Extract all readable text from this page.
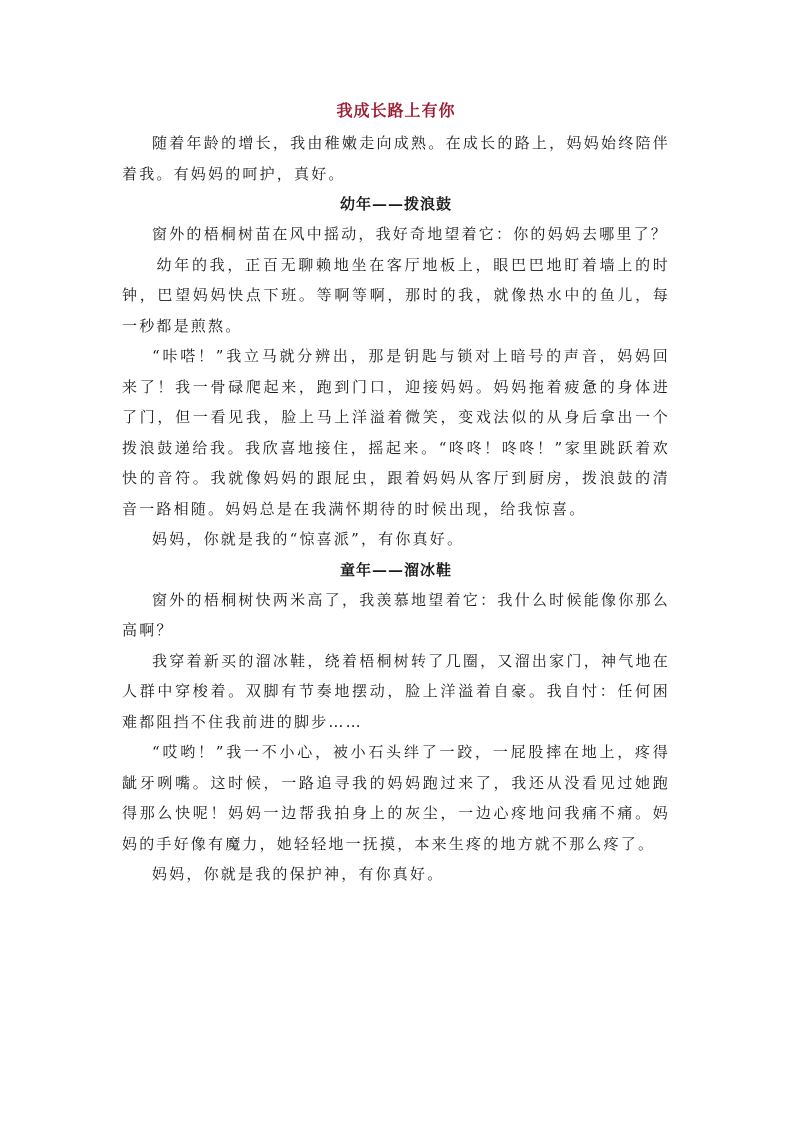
我成长路上有你

随着年龄的增长，我由稚嫩走向成熟。在成长的路上，妈妈始终陪伴着我。有妈妈的呵护，真好。

幼年——拨浪鼓

窗外的梧桐树苗在风中摇动，我好奇地望着它：你的妈妈去哪里了？

幼年的我，正百无聊赖地坐在客厅地板上，眼巴巴地盯着墙上的时钟，巴望妈妈快点下班。等啊等啊，那时的我，就像热水中的鱼儿，每一秒都是煎熬。

“咔嗒！”我立马就分辨出，那是钥匙与锁对上暗号的声音，妈妈回来了！我一骨碌爬起来，跑到门口，迎接妈妈。妈妈拖着疲惫的身体进了门，但一看见我，脸上马上洋溢着微笑，变戏法似的从身后拿出一个拨浪鼓递给我。我欣喜地接住，摇起来。“咚咚！咚咚！”家里跳跃着欢快的音符。我就像妈妈的跟屁虫，跟着妈妈从客厅到厨房，拨浪鼓的清音一路相随。妈妈总是在我满怀期待的时候出现，给我惊喜。

妈妈，你就是我的“惊喜派”，有你真好。

童年——溜冰鞋

窗外的梧桐树快两米高了，我羡慕地望着它：我什么时候能像你那么高啊？

我穿着新买的溜冰鞋，绕着梧桐树转了几圈，又溜出家门，神气地在人群中穿梭着。双脚有节奏地摆动，脸上洋溢着自豪。我自忖：任何困难都阻挡不住我前进的脚步……

“哎哟！”我一不小心，被小石头绊了一跤，一屁股摔在地上，疼得龇牙咧嘴。这时候，一路追寻我的妈妈跑过来了，我还从没看见过她跑得那么快呢！妈妈一边帮我拍身上的灰尘，一边心疼地问我痛不痛。妈妈的手好像有魔力，她轻轻地一抚摸，本来生疼的地方就不那么疼了。

妈妈，你就是我的保护神，有你真好。
